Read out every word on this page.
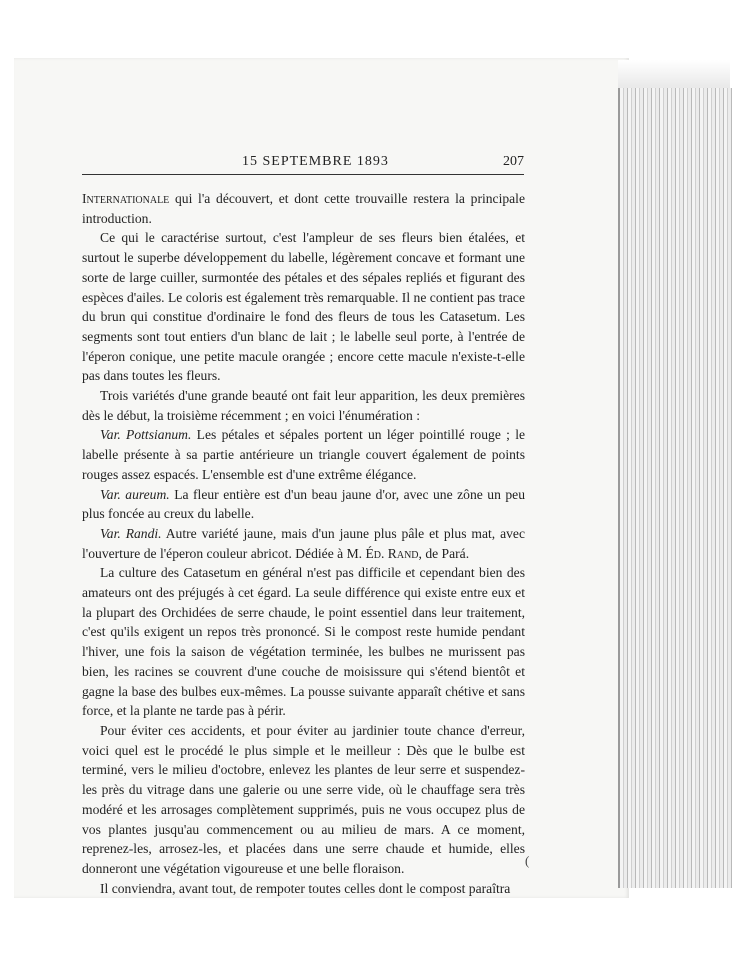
15 SEPTEMBRE 1893	207

Internationale qui l'a découvert, et dont cette trouvaille restera la principale introduction.

Ce qui le caractérise surtout, c'est l'ampleur de ses fleurs bien étalées, et surtout le superbe développement du labelle, légèrement concave et formant une sorte de large cuiller, surmontée des pétales et des sépales repliés et figurant des espèces d'ailes. Le coloris est également très remarquable. Il ne contient pas trace du brun qui constitue d'ordinaire le fond des fleurs de tous les Catasetum. Les segments sont tout entiers d'un blanc de lait ; le labelle seul porte, à l'entrée de l'éperon conique, une petite macule orangée ; encore cette macule n'existe-t-elle pas dans toutes les fleurs.

Trois variétés d'une grande beauté ont fait leur apparition, les deux premières dès le début, la troisième récemment ; en voici l'énumération :

Var. Pottsianum. Les pétales et sépales portent un léger pointillé rouge ; le labelle présente à sa partie antérieure un triangle couvert également de points rouges assez espacés. L'ensemble est d'une extrême élégance.

Var. aureum. La fleur entière est d'un beau jaune d'or, avec une zône un peu plus foncée au creux du labelle.

Var. Randi. Autre variété jaune, mais d'un jaune plus pâle et plus mat, avec l'ouverture de l'éperon couleur abricot. Dédiée à M. Éd. Rand, de Pará.

La culture des Catasetum en général n'est pas difficile et cependant bien des amateurs ont des préjugés à cet égard. La seule différence qui existe entre eux et la plupart des Orchidées de serre chaude, le point essentiel dans leur traitement, c'est qu'ils exigent un repos très prononcé. Si le compost reste humide pendant l'hiver, une fois la saison de végétation terminée, les bulbes ne murissent pas bien, les racines se couvrent d'une couche de moisissure qui s'étend bientôt et gagne la base des bulbes eux-mêmes. La pousse suivante apparaît chétive et sans force, et la plante ne tarde pas à périr.

Pour éviter ces accidents, et pour éviter au jardinier toute chance d'erreur, voici quel est le procédé le plus simple et le meilleur : Dès que le bulbe est terminé, vers le milieu d'octobre, enlevez les plantes de leur serre et suspendez-les près du vitrage dans une galerie ou une serre vide, où le chauffage sera très modéré et les arrosages complètement supprimés, puis ne vous occupez plus de vos plantes jusqu'au commencement ou au milieu de mars. A ce moment, reprenez-les, arrosez-les, et placées dans une serre chaude et humide, elles donneront une végétation vigoureuse et une belle floraison.

Il conviendra, avant tout, de rempoter toutes celles dont le compost paraîtra

(
